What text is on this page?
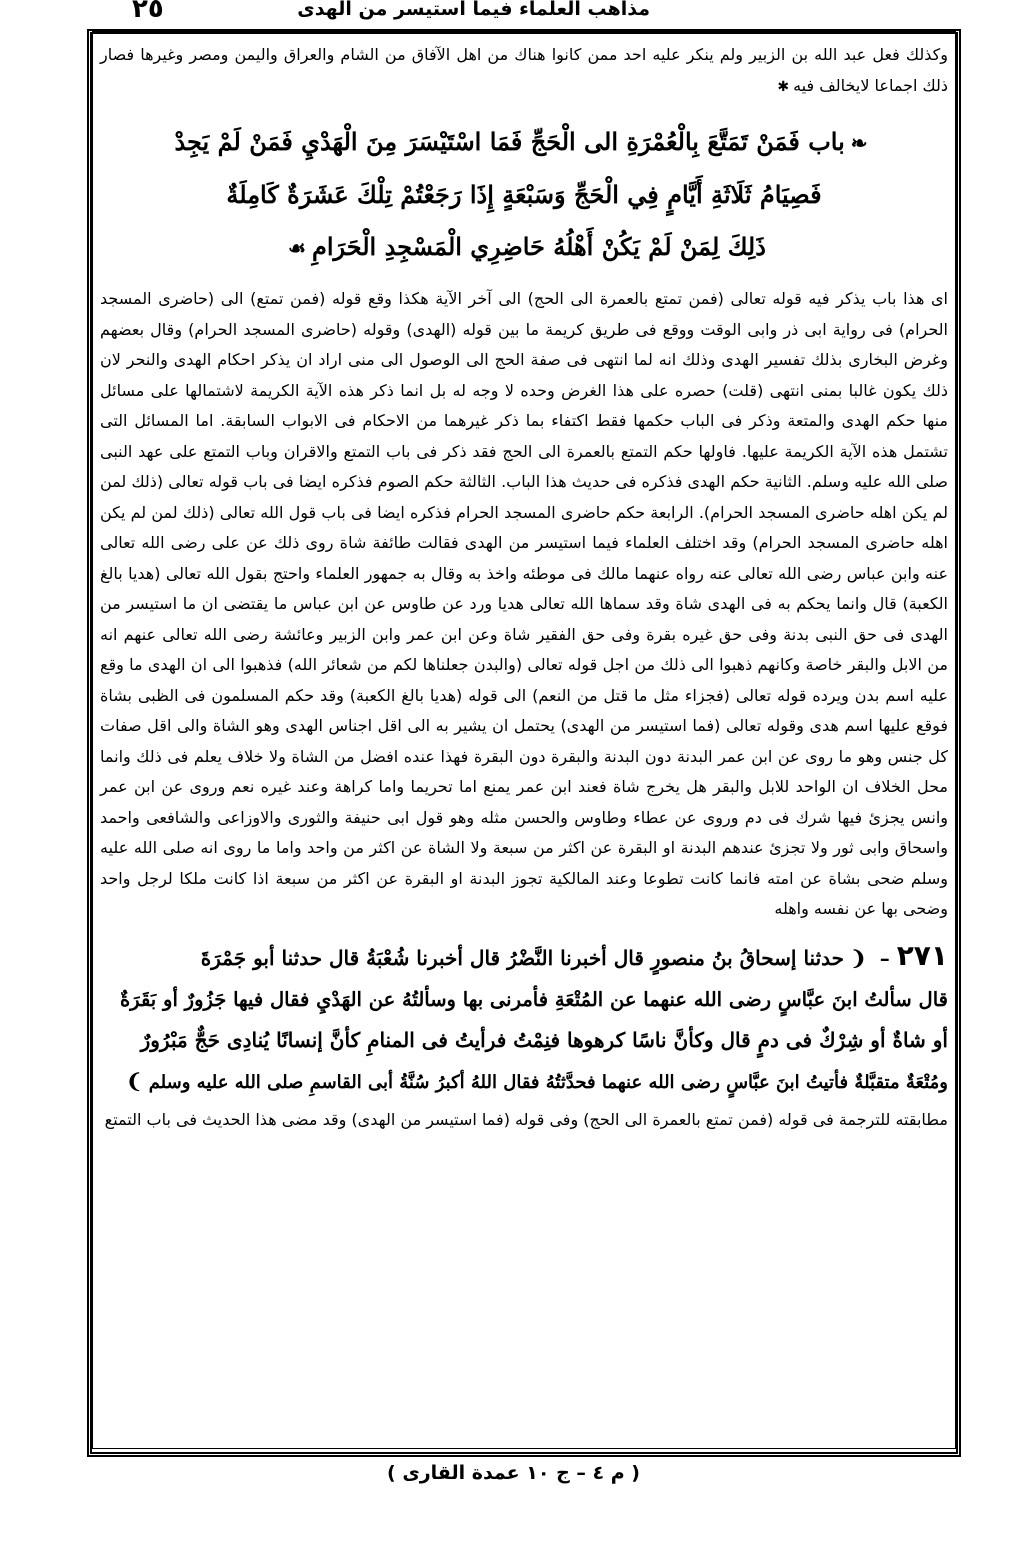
٢٥	مذاهب العلماء فيما استيسر من الهدى

وكذلك فعل عبد الله بن الزبير ولم ينكر عليه احد ممن كانوا هناك من اهل الآفاق من الشام والعراق واليمن ومصر وغيرها فصار ذلك اجماعا لايخالف فيه✱

❧باب فَمَنْ تَمَتَّعَ بِالْعُمْرَةِ الى الْحَجِّ فَمَا اسْتَيْسَرَ مِنَ الْهَدْيِ فَمَنْ لَمْ يَجِدْ
فَصِيَامُ ثَلَاثَةِ أَيَّامٍ فِي الْحَجِّ وَسَبْعَةٍ إِذَا رَجَعْتُمْ تِلْكَ عَشَرَةٌ كَامِلَةٌ
ذَلِكَ لِمَنْ لَمْ يَكُنْ أَهْلُهُ حَاضِرِي الْمَسْجِدِ الْحَرَامِ☙

اى هذا باب يذكر فيه قوله تعالى (فمن تمتع بالعمرة الى الحج) الى آخر الآية هكذا وقع قوله (فمن تمتع) الى (حاضرى المسجد الحرام) فى رواية ابى ذر وابى الوقت ووقع فى طريق كريمة ما بين قوله (الهدى) وقوله (حاضرى المسجد الحرام) وقال بعضهم وغرض البخارى بذلك تفسير الهدى وذلك انه لما انتهى فى صفة الحج الى الوصول الى منى اراد ان يذكر احكام الهدى والنحر لان ذلك يكون غالبا بمنى انتهى (قلت) حصره على هذا الغرض وحده لا وجه له بل انما ذكر هذه الآية الكريمة لاشتمالها على مسائل منها حكم الهدى والمتعة وذكر فى الباب حكمها فقط اكتفاء بما ذكر غيرهما من الاحكام فى الابواب السابقة. اما المسائل التى تشتمل هذه الآية الكريمة عليها. فاولها حكم التمتع بالعمرة الى الحج فقد ذكر فى باب التمتع والاقران وباب التمتع على عهد النبى صلى الله عليه وسلم. الثانية حكم الهدى فذكره فى حديث هذا الباب. الثالثة حكم الصوم فذكره ايضا فى باب قوله تعالى (ذلك لمن لم يكن اهله حاضرى المسجد الحرام). الرابعة حكم حاضرى المسجد الحرام فذكره ايضا فى باب قول الله تعالى (ذلك لمن لم يكن اهله حاضرى المسجد الحرام) وقد اختلف العلماء فيما استيسر من الهدى فقالت طائفة شاة روى ذلك عن على رضى الله تعالى عنه وابن عباس رضى الله تعالى عنه رواه عنهما مالك فى موطئه واخذ به وقال به جمهور العلماء واحتج بقول الله تعالى (هديا بالغ الكعبة) قال وانما يحكم به فى الهدى شاة وقد سماها الله تعالى هديا ورد عن طاوس عن ابن عباس ما يقتضى ان ما استيسر من الهدى فى حق النبى بدنة وفى حق غيره بقرة وفى حق الفقير شاة وعن ابن عمر وابن الزبير وعائشة رضى الله تعالى عنهم انه من الابل والبقر خاصة وكانهم ذهبوا الى ذلك من اجل قوله تعالى (والبدن جعلناها لكم من شعائر الله) فذهبوا الى ان الهدى ما وقع عليه اسم بدن ويرده قوله تعالى (فجزاء مثل ما قتل من النعم) الى قوله (هديا بالغ الكعبة) وقد حكم المسلمون فى الظبى بشاة فوقع عليها اسم هدى وقوله تعالى (فما استيسر من الهدى) يحتمل ان يشير به الى اقل اجناس الهدى وهو الشاة والى اقل صفات كل جنس وهو ما روى عن ابن عمر البدنة دون البدنة والبقرة دون البقرة فهذا عنده افضل من الشاة ولا خلاف يعلم فى ذلك وانما محل الخلاف ان الواحد للابل والبقر هل يخرج شاة فعند ابن عمر يمنع اما تحريما واما كراهة وعند غيره نعم وروى عن ابن عمر وانس يجزئ فيها شرك فى دم وروى عن عطاء وطاوس والحسن مثله وهو قول ابى حنيفة والثورى والاوزاعى والشافعى واحمد واسحاق وابى ثور ولا تجزئ عندهم البدنة او البقرة عن اكثر من سبعة ولا الشاة عن اكثر من واحد واما ما روى انه صلى الله عليه وسلم ضحى بشاة عن امته فانما كانت تطوعا وعند المالكية تجوز البدنة او البقرة عن اكثر من سبعة اذا كانت ملكا لرجل واحد وضحى بها عن نفسه واهله

٢٧١ – ❨حدثنا إسحاقُ بنُ منصورٍ قال أخبرنا النَّضْرُ قال أخبرنا شُعْبَةُ قال حدثنا أبو جَمْرَةَ
قال سألتُ ابنَ عبَّاسٍ رضى الله عنهما عن المُتْعَةِ فأمرنى بها وسألتُهُ عن الهَدْيِ فقال فيها جَزُورٌ أو بَقَرَةٌ
أو شاةٌ أو شِرْكٌ فى دمٍ قال وكأنَّ ناسًا كرهوها فنِمْتُ فرأيتُ فى المنامِ كأنَّ إنسانًا يُنادِى حَجٌّ مَبْرُورٌ
ومُتْعَةٌ متقبَّلةٌ فأتيتُ ابنَ عبَّاسٍ رضى الله عنهما فحدَّثتُهُ فقال اللهُ أكبرُ سُنَّةُ أبى القاسمِ صلى الله عليه وسلم❩

مطابقته للترجمة فى قوله (فمن تمتع بالعمرة الى الحج) وفى قوله (فما استيسر من الهدى) وقد مضى هذا الحديث فى باب التمتع

( م ٤ – ج ١٠ عمدة القارى )
